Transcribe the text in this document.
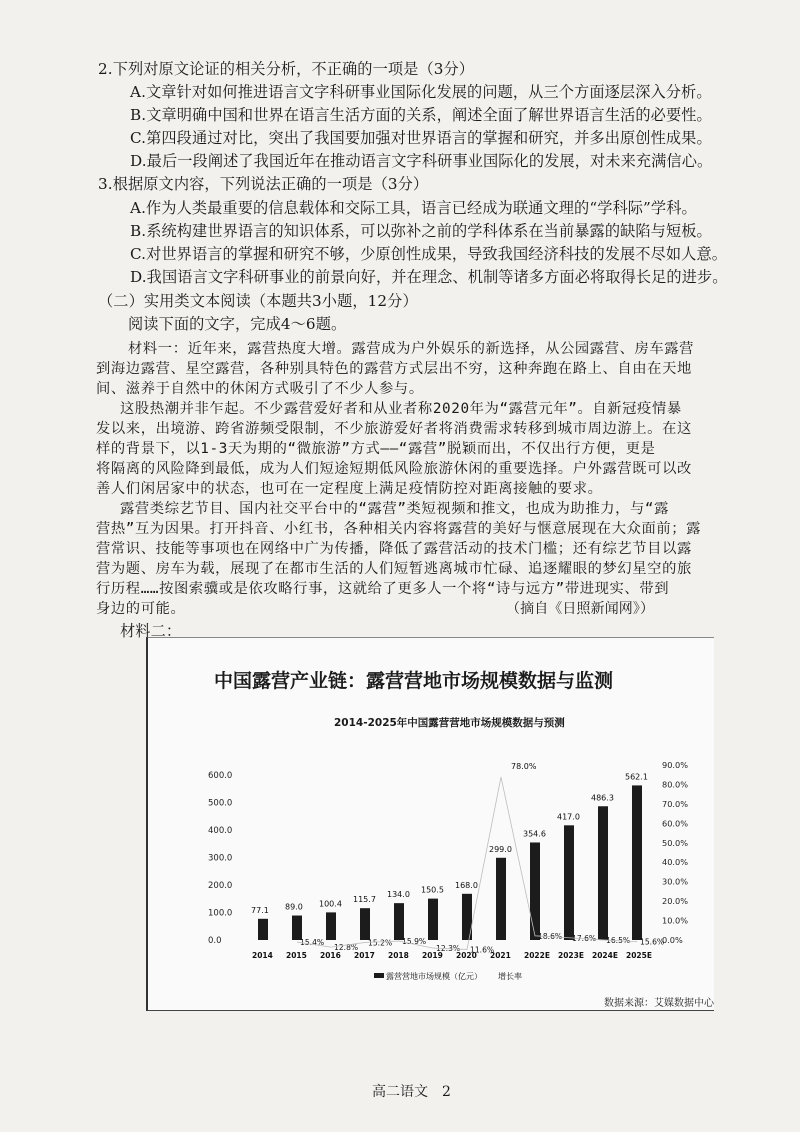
2.下列对原文论证的相关分析，不正确的一项是（3分）
A.文章针对如何推进语言文字科研事业国际化发展的问题，从三个方面逐层深入分析。
B.文章明确中国和世界在语言生活方面的关系，阐述全面了解世界语言生活的必要性。
C.第四段通过对比，突出了我国要加强对世界语言的掌握和研究，并多出原创性成果。
D.最后一段阐述了我国近年在推动语言文字科研事业国际化的发展，对未来充满信心。
3.根据原文内容，下列说法正确的一项是（3分）
A.作为人类最重要的信息载体和交际工具，语言已经成为联通文理的“学科际”学科。
B.系统构建世界语言的知识体系，可以弥补之前的学科体系在当前暴露的缺陷与短板。
C.对世界语言的掌握和研究不够，少原创性成果，导致我国经济科技的发展不尽如人意。
D.我国语言文字科研事业的前景向好，并在理念、机制等诸多方面必将取得长足的进步。
（二）实用类文本阅读（本题共3小题，12分）
阅读下面的文字，完成4～6题。
材料一：近年来，露营热度大增。露营成为户外娱乐的新选择，从公园露营、房车露营
到海边露营、星空露营，各种别具特色的露营方式层出不穷，这种奔跑在路上、自由在天地
间、滋养于自然中的休闲方式吸引了不少人参与。
这股热潮并非乍起。不少露营爱好者和从业者称2020年为“露营元年”。自新冠疫情暴
发以来，出境游、跨省游频受限制，不少旅游爱好者将消费需求转移到城市周边游上。在这
样的背景下，以1-3天为期的“微旅游”方式——“露营”脱颖而出，不仅出行方便，更是
将隔离的风险降到最低，成为人们短途短期低风险旅游休闲的重要选择。户外露营既可以改
善人们闲居家中的状态，也可在一定程度上满足疫情防控对距离接触的要求。
露营类综艺节目、国内社交平台中的“露营”类短视频和推文，也成为助推力，与“露
营热”互为因果。打开抖音、小红书，各种相关内容将露营的美好与惬意展现在大众面前；露
营常识、技能等事项也在网络中广为传播，降低了露营活动的技术门槛；还有综艺节目以露
营为题、房车为载，展现了在都市生活的人们短暂逃离城市忙碌、追逐耀眼的梦幻星空的旅
行历程……按图索骥或是依攻略行事，这就给了更多人一个将“诗与远方”带进现实、带到
身边的可能。	（摘自《日照新闻网》）
中国露营产业链：露营营地市场规模数据与监测
2014-2025年中国露营营地市场规模数据与预测
0.0
100.0
200.0
300.0
400.0
500.0
600.0
0.0%
10.0%
20.0%
30.0%
40.0%
50.0%
60.0%
70.0%
80.0%
90.0%
77.1
2014
89.0
2015
15.4%
100.4
2016
12.8%
115.7
2017
15.2%
134.0
2018
15.9%
150.5
2019
12.3%
168.0
2020
11.6%
299.0
2021
78.0%
354.6
2022E
18.6%
417.0
2023E
17.6%
486.3
2024E
16.5%
562.1
2025E
15.6%
露营营地市场规模（亿元） 增长率
数据来源：艾媒数据中心
高二语文　2
材料二：
